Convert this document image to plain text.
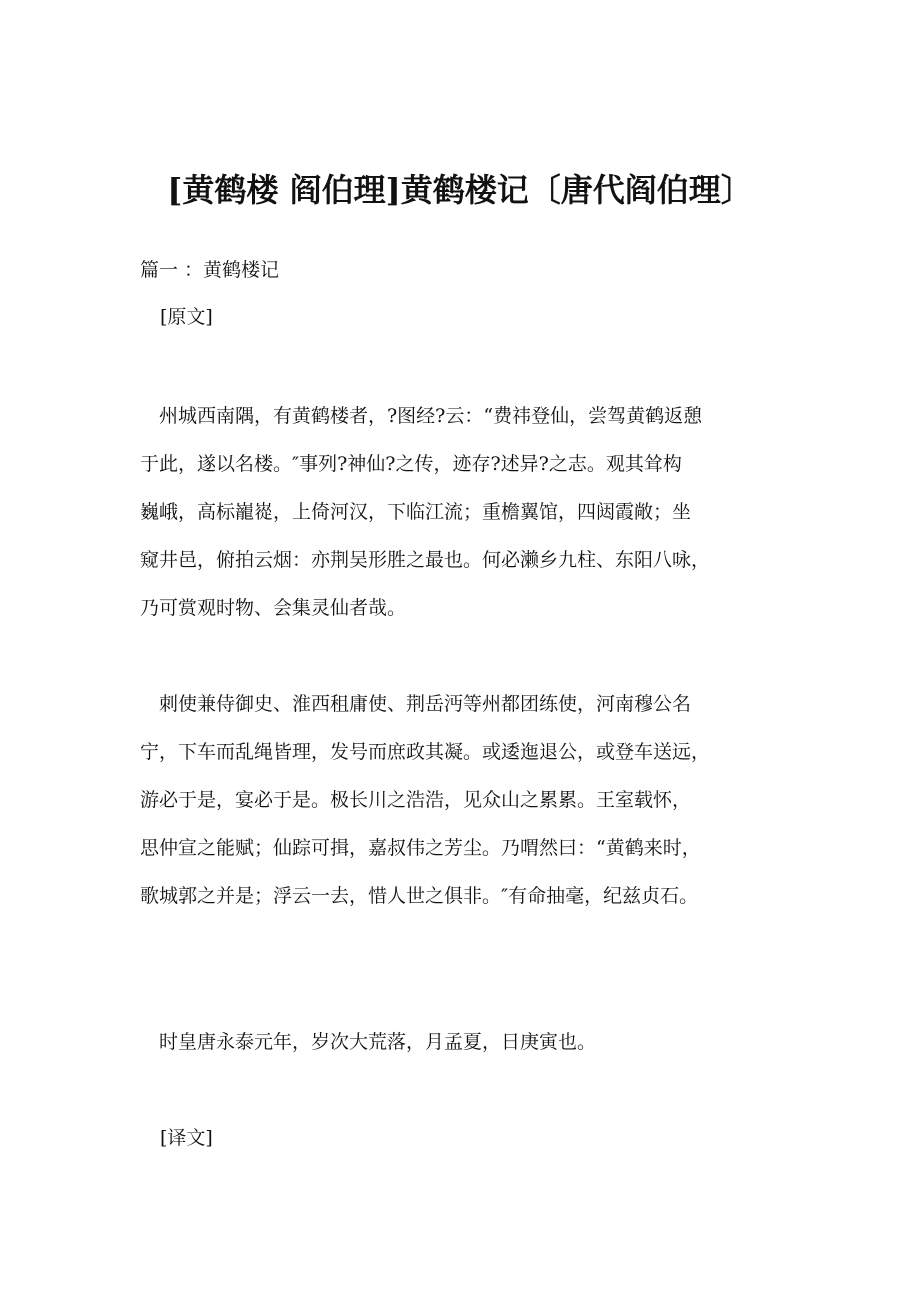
[黄鹤楼 阎伯理]黄鹤楼记〔唐代阎伯理〕
篇一 ：黄鹤楼记
[原文]
　州城西南隅，有黄鹤楼者，?图经?云：“费祎登仙，尝驾黄鹤返憩
于此，遂以名楼。″事列?神仙?之传，迹存?述异?之志。观其耸构
巍峨，高标巃嵸，上倚河汉，下临江流；重檐翼馆，四闼霞敞；坐
窥井邑，俯拍云烟：亦荆吴形胜之最也。何必濑乡九柱、东阳八咏，
乃可赏观时物、会集灵仙者哉。
　刺使兼侍御史、淮西租庸使、荆岳沔等州都团练使，河南穆公名
宁，下车而乱绳皆理，发号而庶政其凝。或逶迤退公，或登车送远，
游必于是，宴必于是。极长川之浩浩，见众山之累累。王室载怀，
思仲宣之能赋；仙踪可揖，嘉叔伟之芳尘。乃喟然曰：“黄鹤来时，
歌城郭之并是；浮云一去，惜人世之俱非。″有命抽毫，纪兹贞石。
　时皇唐永泰元年，岁次大荒落，月孟夏，日庚寅也。
[译文]
